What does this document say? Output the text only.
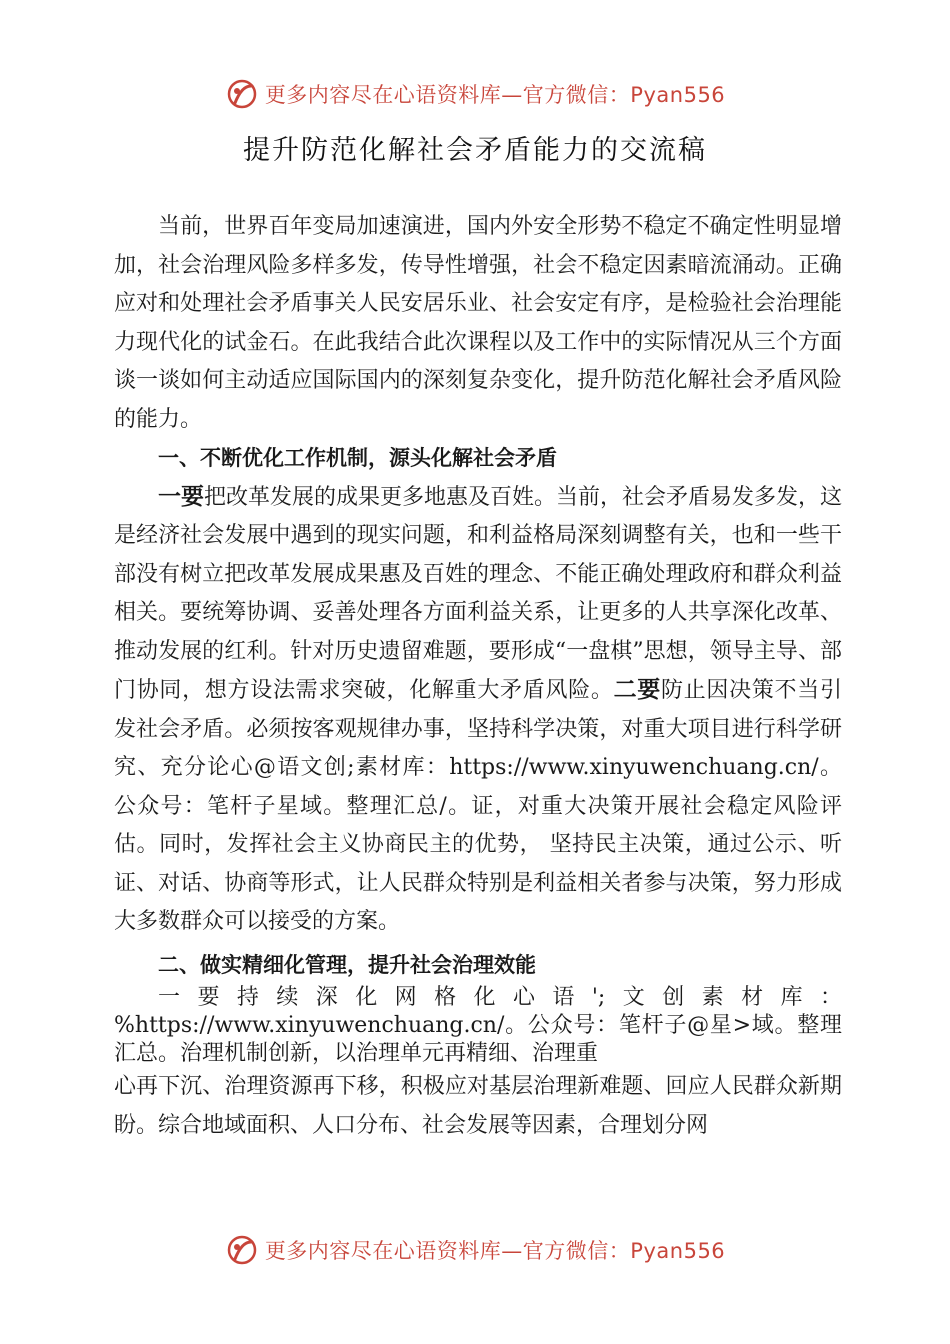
更多内容尽在心语资料库—官方微信：Pyan556
提升防范化解社会矛盾能力的交流稿

当前，世界百年变局加速演进，国内外安全形势不稳定不确定性明显增加，社会治理风险多样多发，传导性增强，社会不稳定因素暗流涌动。正确应对和处理社会矛盾事关人民安居乐业、社会安定有序，是检验社会治理能力现代化的试金石。在此我结合此次课程以及工作中的实际情况从三个方面谈一谈如何主动适应国际国内的深刻复杂变化，提升防范化解社会矛盾风险的能力。

一、不断优化工作机制，源头化解社会矛盾

一要把改革发展的成果更多地惠及百姓。当前，社会矛盾易发多发，这是经济社会发展中遇到的现实问题，和利益格局深刻调整有关，也和一些干部没有树立把改革发展成果惠及百姓的理念、不能正确处理政府和群众利益相关。要统筹协调、妥善处理各方面利益关系，让更多的人共享深化改革、推动发展的红利。针对历史遗留难题，要形成“一盘棋”思想，领导主导、部门协同，想方设法需求突破，化解重大矛盾风险。二要防止因决策不当引发社会矛盾。必须按客观规律办事，坚持科学决策，对重大项目进行科学研究、充分论心@语文创;素材库：https://www.xinyuwenchuang.cn/。公众号：笔杆子星域。整理汇总/。证，对重大决策开展社会稳定风险评估。同时，发挥社会主义协商民主的优势， 坚持民主决策，通过公示、听证、对话、协商等形式，让人民群众特别是利益相关者参与决策，努力形成大多数群众可以接受的方案。

二、做实精细化管理，提升社会治理效能

一要持续深化网格化心语';文创素材库：%https://www.xinyuwenchuang.cn/。公众号：笔杆子@星>域。整理汇总。治理机制创新，以治理单元再精细、治理重

心再下沉、治理资源再下移，积极应对基层治理新难题、回应人民群众新期盼。综合地域面积、人口分布、社会发展等因素，合理划分网

更多内容尽在心语资料库—官方微信：Pyan556
